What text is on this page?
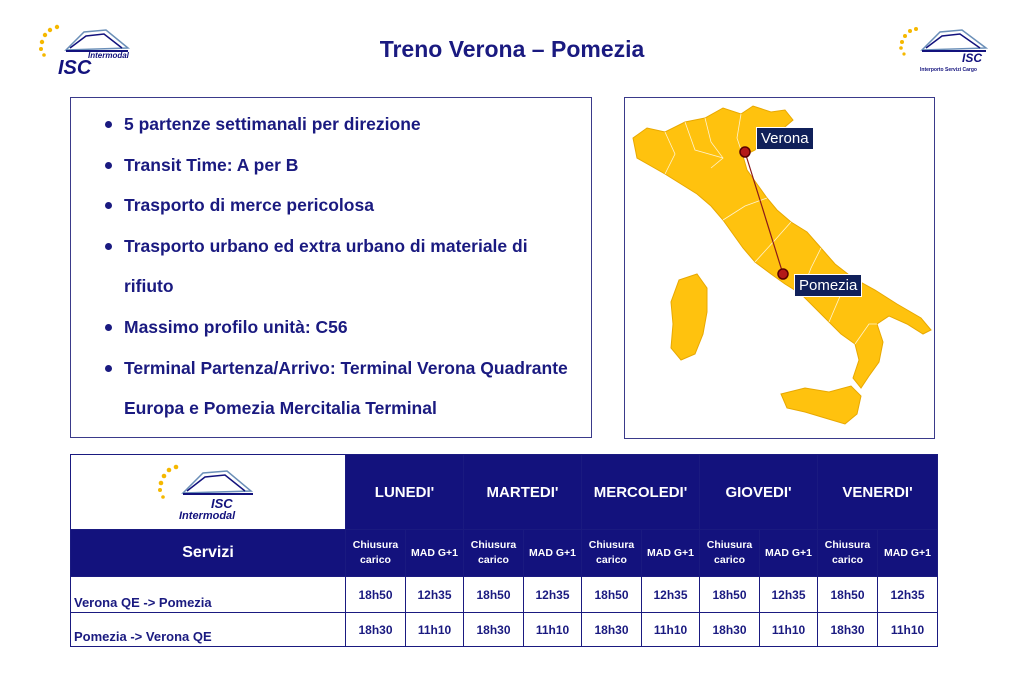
Intermodal
ISC
Treno Verona – Pomezia	ISC
Interporto Servizi Cargo
5 partenze settimanali per direzione
Transit Time: A per B
Trasporto di merce pericolosa
Trasporto urbano ed extra urbano di materiale di rifiuto
Massimo profilo unità: C56
Terminal Partenza/Arrivo: Terminal Verona Quadrante Europa e Pomezia Mercitalia Terminal
Verona
Pomezia
ISC
Intermodal	LUNEDI'		MARTEDI'		MERCOLEDI'		GIOVEDI'		VENERDI'	
Servizi	Chiusura carico	MAD G+1	Chiusura carico	MAD G+1	Chiusura carico	MAD G+1	Chiusura carico	MAD G+1	Chiusura carico	MAD G+1
Verona QE -> Pomezia	18h50	12h35	18h50	12h35	18h50	12h35	18h50	12h35	18h50	12h35
Pomezia -> Verona QE	18h30	11h10	18h30	11h10	18h30	11h10	18h30	11h10	18h30	11h10
